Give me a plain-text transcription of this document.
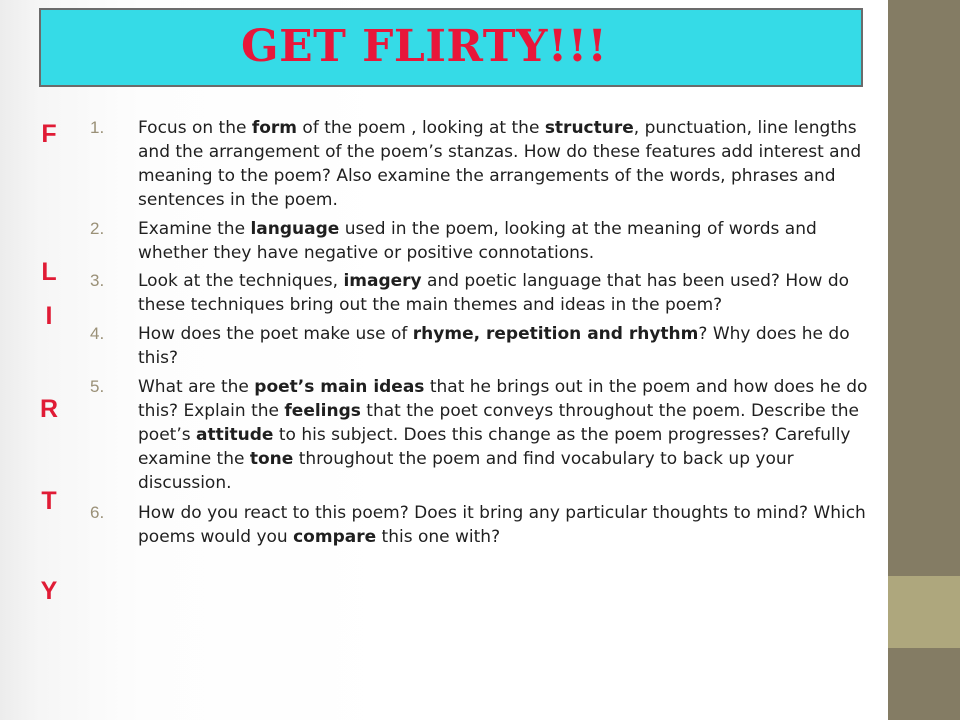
GET FLIRTY!!!
F
L
I
R
T
Y
1. Focus on the form of the poem , looking at the structure, punctuation, line lengths and the arrangement of the poem’s stanzas. How do these features add interest and meaning to the poem? Also examine the arrangements of the words, phrases and sentences in the poem.
2. Examine the language used in the poem, looking at the meaning of words and whether they have negative or positive connotations.
3. Look at the techniques, imagery and poetic language that has been used? How do these techniques bring out the main themes and ideas in the poem?
4. How does the poet make use of rhyme, repetition and rhythm? Why does he do this?
5. What are the poet’s main ideas that he brings out in the poem and how does he do this? Explain the feelings that the poet conveys throughout the poem. Describe the poet’s attitude to his subject. Does this change as the poem progresses? Carefully examine the tone throughout the poem and find vocabulary to back up your discussion.
6. How do you react to this poem? Does it bring any particular thoughts to mind? Which poems would you compare this one with?
